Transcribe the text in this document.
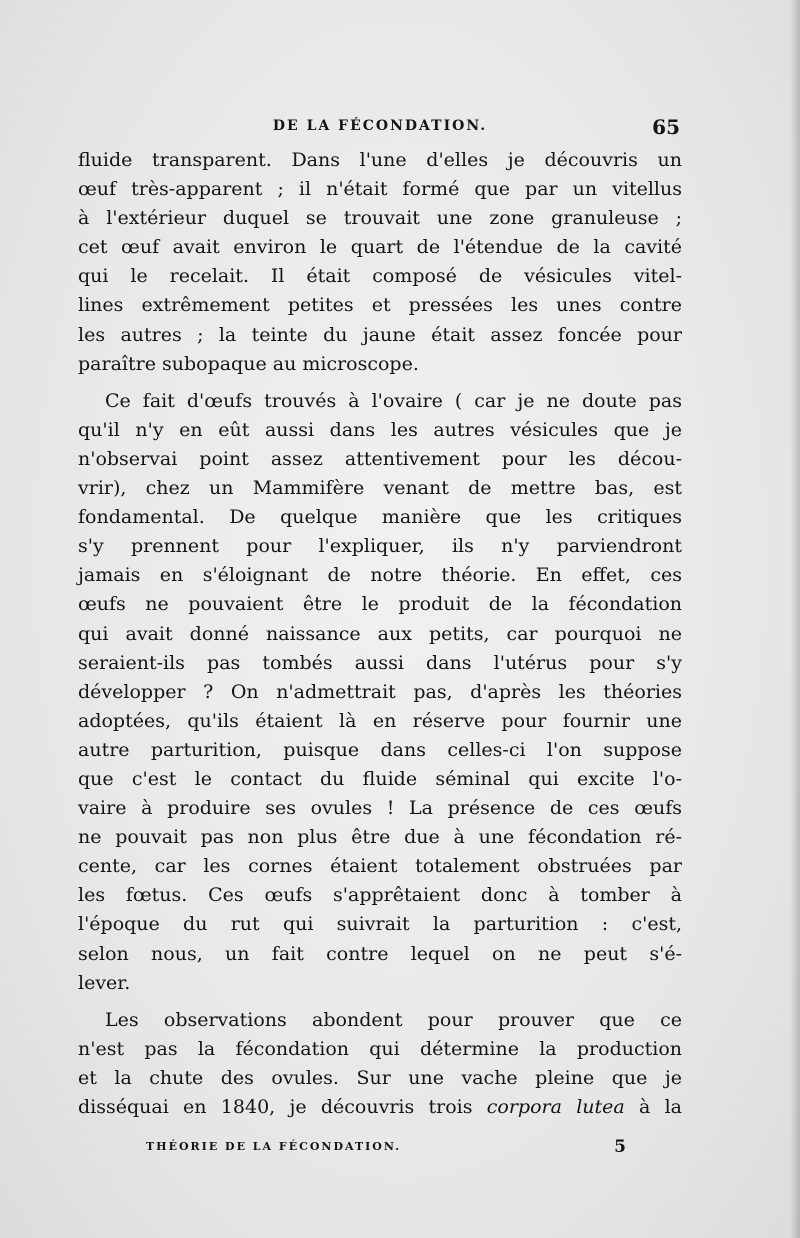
DE LA FÉCONDATION.	65
fluide transparent. Dans l'une d'elles je découvris un
œuf très-apparent ; il n'était formé que par un vitellus
à l'extérieur duquel se trouvait une zone granuleuse ;
cet œuf avait environ le quart de l'étendue de la cavité
qui le recelait. Il était composé de vésicules vitel-
lines extrêmement petites et pressées les unes contre
les autres ; la teinte du jaune était assez foncée pour
paraître subopaque au microscope.
Ce fait d'œufs trouvés à l'ovaire ( car je ne doute pas
qu'il n'y en eût aussi dans les autres vésicules que je
n'observai point assez attentivement pour les décou-
vrir), chez un Mammifère venant de mettre bas, est
fondamental. De quelque manière que les critiques
s'y prennent pour l'expliquer, ils n'y parviendront
jamais en s'éloignant de notre théorie. En effet, ces
œufs ne pouvaient être le produit de la fécondation
qui avait donné naissance aux petits, car pourquoi ne
seraient-ils pas tombés aussi dans l'utérus pour s'y
développer ? On n'admettrait pas, d'après les théories
adoptées, qu'ils étaient là en réserve pour fournir une
autre parturition, puisque dans celles-ci l'on suppose
que c'est le contact du fluide séminal qui excite l'o-
vaire à produire ses ovules ! La présence de ces œufs
ne pouvait pas non plus être due à une fécondation ré-
cente, car les cornes étaient totalement obstruées par
les fœtus. Ces œufs s'apprêtaient donc à tomber à
l'époque du rut qui suivrait la parturition : c'est,
selon nous, un fait contre lequel on ne peut s'é-
lever.
Les observations abondent pour prouver que ce
n'est pas la fécondation qui détermine la production
et la chute des ovules. Sur une vache pleine que je
disséquai en 1840, je découvris trois corpora lutea à la
THÉORIE DE LA FÉCONDATION.	5
